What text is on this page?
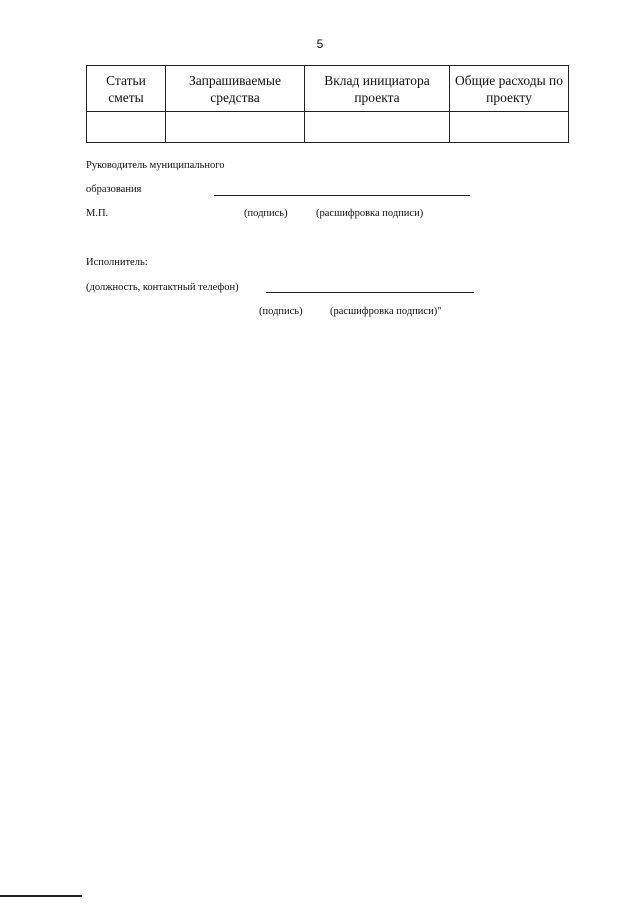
5
Статьи сметы	Запрашиваемые средства	Вклад инициатора проекта	Общие расходы по проекту

Руководитель муниципального
образования
М.П.	(подпись)	(расшифровка подписи)
Исполнитель:
(должность, контактный телефон)
(подпись)	(расшифровка подписи)"
